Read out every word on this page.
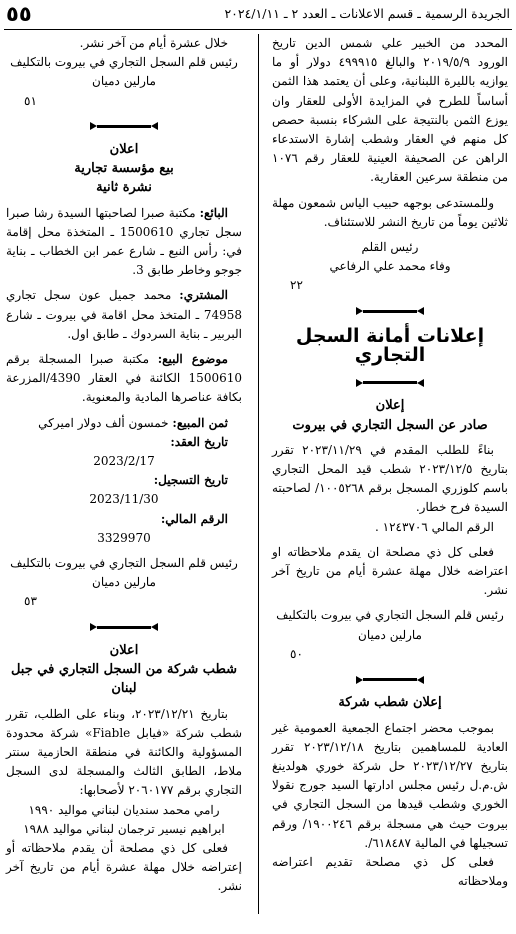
الجريدة الرسمية ـ قسم الاعلانات ـ العدد ٢ ـ ٢٠٢٤/١/١١
٥٥

المحدد من الخبير علي شمس الدين تاريخ الورود ٢٠١٩/٥/٩ والبالغ ٤٩٩٩١٥ دولار أو ما يوازيه بالليرة اللبنانية، وعلى أن يعتمد هذا الثمن أساساً للطرح في المزايدة الأولى للعقار وان يوزع الثمن بالنتيجة على الشركاء بنسبة حصص كل منهم في العقار وشطب إشارة الاستدعاء الراهن عن الصحيفة العينية للعقار رقم ١٠٧٦ من منطقة سرعين العقارية.

وللمستدعى بوجهه حبيب الياس شمعون مهلة ثلاثين يوماً من تاريخ النشر للاستئناف.

رئيس القلم

وفاء محمد علي الرفاعي

٢٢

إعلانات أمانة السجل التجاري

إعلان

صادر عن السجل التجاري في بيروت

بناءً للطلب المقدم في ٢٠٢٣/١١/٢٩ تقرر بتاريخ ٢٠٢٣/١٢/٥ شطب قيد المحل التجاري باسم كلوزري المسجل برقم ١٠٠٥٢٦٨/ لصاحبته السيدة فرح خطار.

الرقم المالي ١٢٤٣٧٠٦ .

فعلى كل ذي مصلحة ان يقدم ملاحظاته او اعتراضه خلال مهلة عشرة أيام من تاريخ آخر نشر.

رئيس قلم السجل التجاري في بيروت بالتكليف

مارلين دميان

٥٠

إعلان شطب شركة

بموجب محضر اجتماع الجمعية العمومية غير العادية للمساهمين بتاريخ ٢٠٢٣/١٢/١٨ تقرر بتاريخ ٢٠٢٣/١٢/٢٧ حل شركة خوري هولدينغ ش.م.ل رئيس مجلس ادارتها السيد جورج نقولا الخوري وشطب قيدها من السجل التجاري في بيروت حيث هي مسجلة برقم ١٩٠٠٢٤٦/ ورقم تسجيلها في المالية ٦١٨٤٨٧/.

فعلى كل ذي مصلحة تقديم اعتراضه وملاحظاته

خلال عشرة أيام من آخر نشر.

رئيس قلم السجل التجاري في بيروت بالتكليف

مارلين دميان

٥١

اعلان

بيع مؤسسة تجارية

نشرة ثانية

البائع: مكتبة صبرا لصاحبتها السيدة رشا صبرا سجل تجاري 1500610 ـ المتخذة محل إقامة في: رأس النبع ـ شارع عمر ابن الخطاب ـ بناية جوجو وخاطر طابق 3.

المشتري: محمد جميل عون سجل تجاري 74958 ـ المتخذ محل اقامة في بيروت ـ شارع البربير ـ بناية السردوك ـ طابق اول.

موضوع البيع: مكتبة صبرا المسجلة برقم 1500610 الكائنة في العقار 4390/المزرعة بكافة عناصرها المادية والمعنوية.

ثمن المبيع: خمسون ألف دولار اميركي

تاريخ العقد:

2023/2/17

تاريخ التسجيل:

2023/11/30

الرقم المالي:

3329970

رئيس قلم السجل التجاري في بيروت بالتكليف

مارلين دميان

٥٣

اعلان

شطب شركة من السجل التجاري في جبل لبنان

بتاريخ ٢٠٢٣/١٢/٢١، وبناء على الطلب، تقرر شطب شركة «فيابل Fiable» شركة محدودة المسؤولية والكائنة في منطقة الحازمية سنتر ملاط، الطابق الثالث والمسجلة لدى السجل التجاري برقم ٢٠٦٠١٧٧ لأصحابها:

رامي محمد سنديان لبناني مواليد ١٩٩٠

ابراهيم نيسير ترجمان لبناني مواليد ١٩٨٨

فعلى كل ذي مصلحة أن يقدم ملاحظاته أو إعتراضه خلال مهلة عشرة أيام من تاريخ آخر نشر.
